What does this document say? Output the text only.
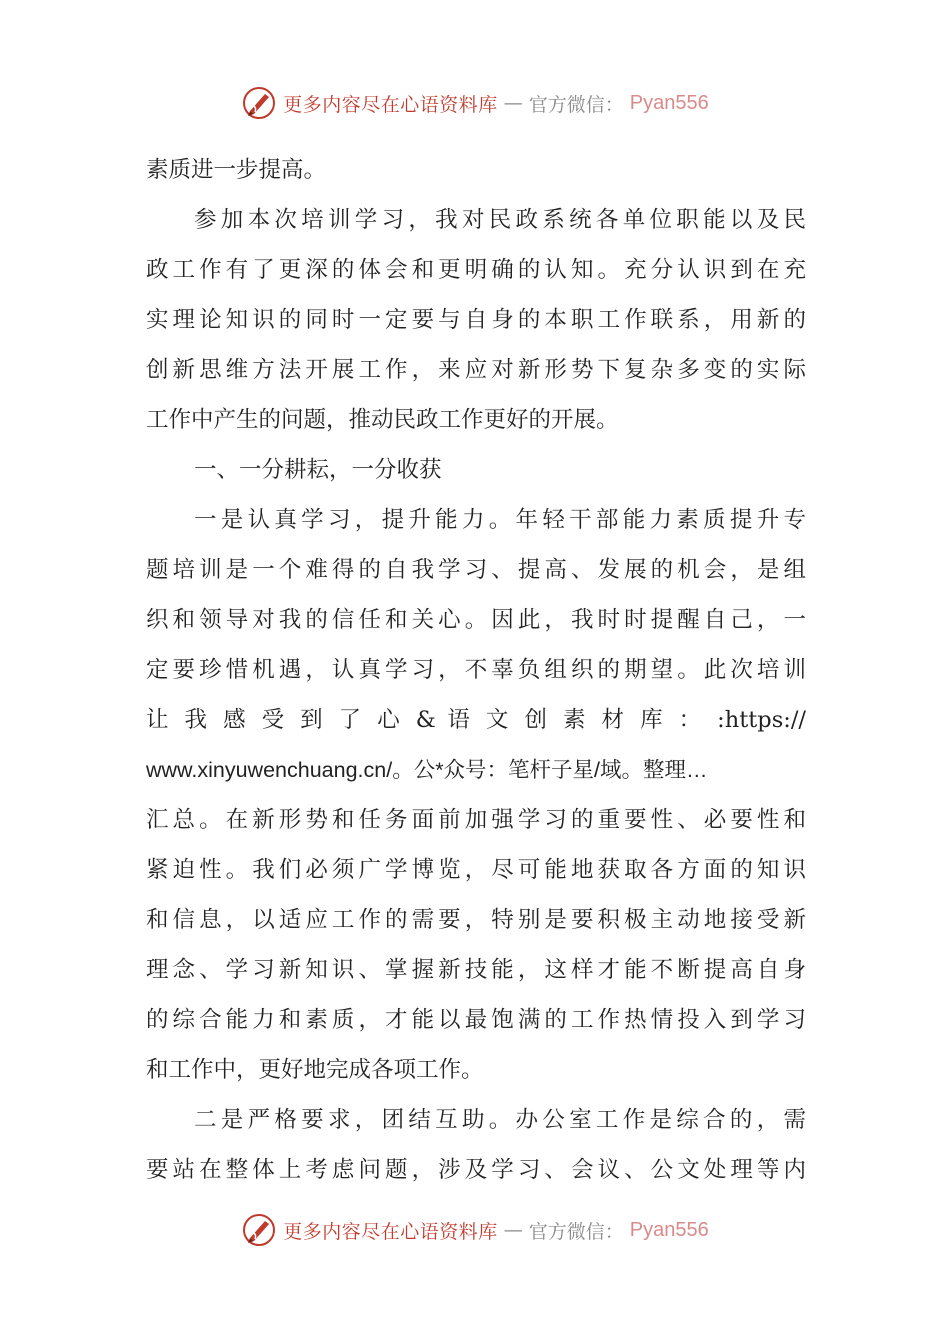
更多内容尽在心语资料库 — 官方微信： Pyan556
素质进一步提高。
参加本次培训学习，我对民政系统各单位职能以及民
政工作有了更深的体会和更明确的认知。充分认识到在充
实理论知识的同时一定要与自身的本职工作联系，用新的
创新思维方法开展工作，来应对新形势下复杂多变的实际
工作中产生的问题，推动民政工作更好的开展。
一、一分耕耘，一分收获
一是认真学习，提升能力。年轻干部能力素质提升专
题培训是一个难得的自我学习、提高、发展的机会，是组
织和领导对我的信任和关心。因此，我时时提醒自己，一
定要珍惜机遇，认真学习，不辜负组织的期望。此次培训
让 我 感 受 到 了 心 & 语 文 创 素 材 库 ： :https://
www.xinyuwenchuang.cn/。公*众号：笔杆子星/域。整理…
汇总。在新形势和任务面前加强学习的重要性、必要性和
紧迫性。我们必须广学博览，尽可能地获取各方面的知识
和信息，以适应工作的需要，特别是要积极主动地接受新
理念、学习新知识、掌握新技能，这样才能不断提高自身
的综合能力和素质，才能以最饱满的工作热情投入到学习
和工作中，更好地完成各项工作。
二是严格要求，团结互助。办公室工作是综合的，需
要站在整体上考虑问题，涉及学习、会议、公文处理等内
更多内容尽在心语资料库 — 官方微信： Pyan556
